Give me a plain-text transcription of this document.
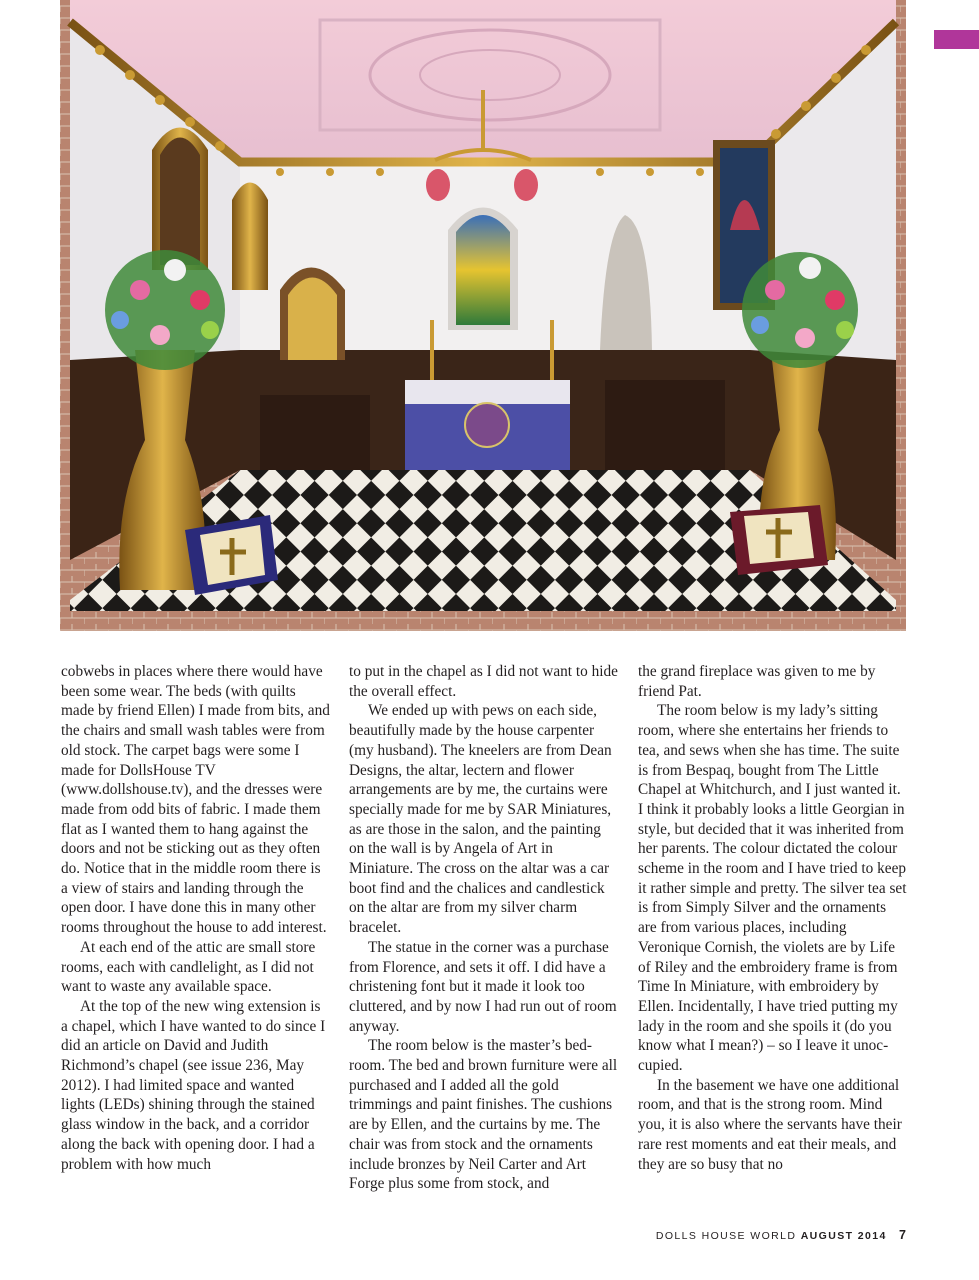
cobwebs in places where there would have been some wear. The beds (with quilts made by friend Ellen) I made from bits, and the chairs and small wash tables were from old stock. The carpet bags were some I made for DollsHouse TV (www.dollshouse.tv), and the dresses were made from odd bits of fabric. I made them flat as I wanted them to hang against the doors and not be sticking out as they often do. Notice that in the middle room there is a view of stairs and landing through the open door. I have done this in many other rooms throughout the house to add interest.

At each end of the attic are small store rooms, each with candlelight, as I did not want to waste any available space.

At the top of the new wing extension is a chapel, which I have wanted to do since I did an article on David and Judith Richmond’s chapel (see issue 236, May 2012). I had limited space and wanted lights (LEDs) shining through the stained glass window in the back, and a corridor along the back with opening door. I had a problem with how much

to put in the chapel as I did not want to hide the overall effect.

We ended up with pews on each side, beautifully made by the house carpenter (my husband). The kneelers are from Dean Designs, the altar, lectern and flower arrangements are by me, the curtains were specially made for me by SAR Miniatures, as are those in the salon, and the painting on the wall is by Angela of Art in Miniature. The cross on the altar was a car boot find and the chalices and candlestick on the altar are from my silver charm bracelet.

The statue in the corner was a purchase from Florence, and sets it off. I did have a christening font but it made it look too cluttered, and by now I had run out of room anyway.

The room below is the master’s bedroom. The bed and brown furniture were all purchased and I added all the gold trimmings and paint finishes. The cushions are by Ellen, and the curtains by me. The chair was from stock and the ornaments include bronzes by Neil Carter and Art Forge plus some from stock, and

the grand fireplace was given to me by friend Pat.

The room below is my lady’s sitting room, where she entertains her friends to tea, and sews when she has time. The suite is from Bespaq, bought from The Little Chapel at Whitchurch, and I just wanted it. I think it probably looks a little Georgian in style, but decided that it was inherited from her parents. The colour dictated the colour scheme in the room and I have tried to keep it rather simple and pretty. The silver tea set is from Simply Silver and the ornaments are from various places, including Veronique Cornish, the violets are by Life of Riley and the embroidery frame is from Time In Miniature, with embroidery by Ellen. Incidentally, I have tried putting my lady in the room and she spoils it (do you know what I mean?) – so I leave it unoccupied.

In the basement we have one additional room, and that is the strong room. Mind you, it is also where the servants have their rare rest moments and eat their meals, and they are so busy that no

DOLLS HOUSE WORLD AUGUST 2014 7
